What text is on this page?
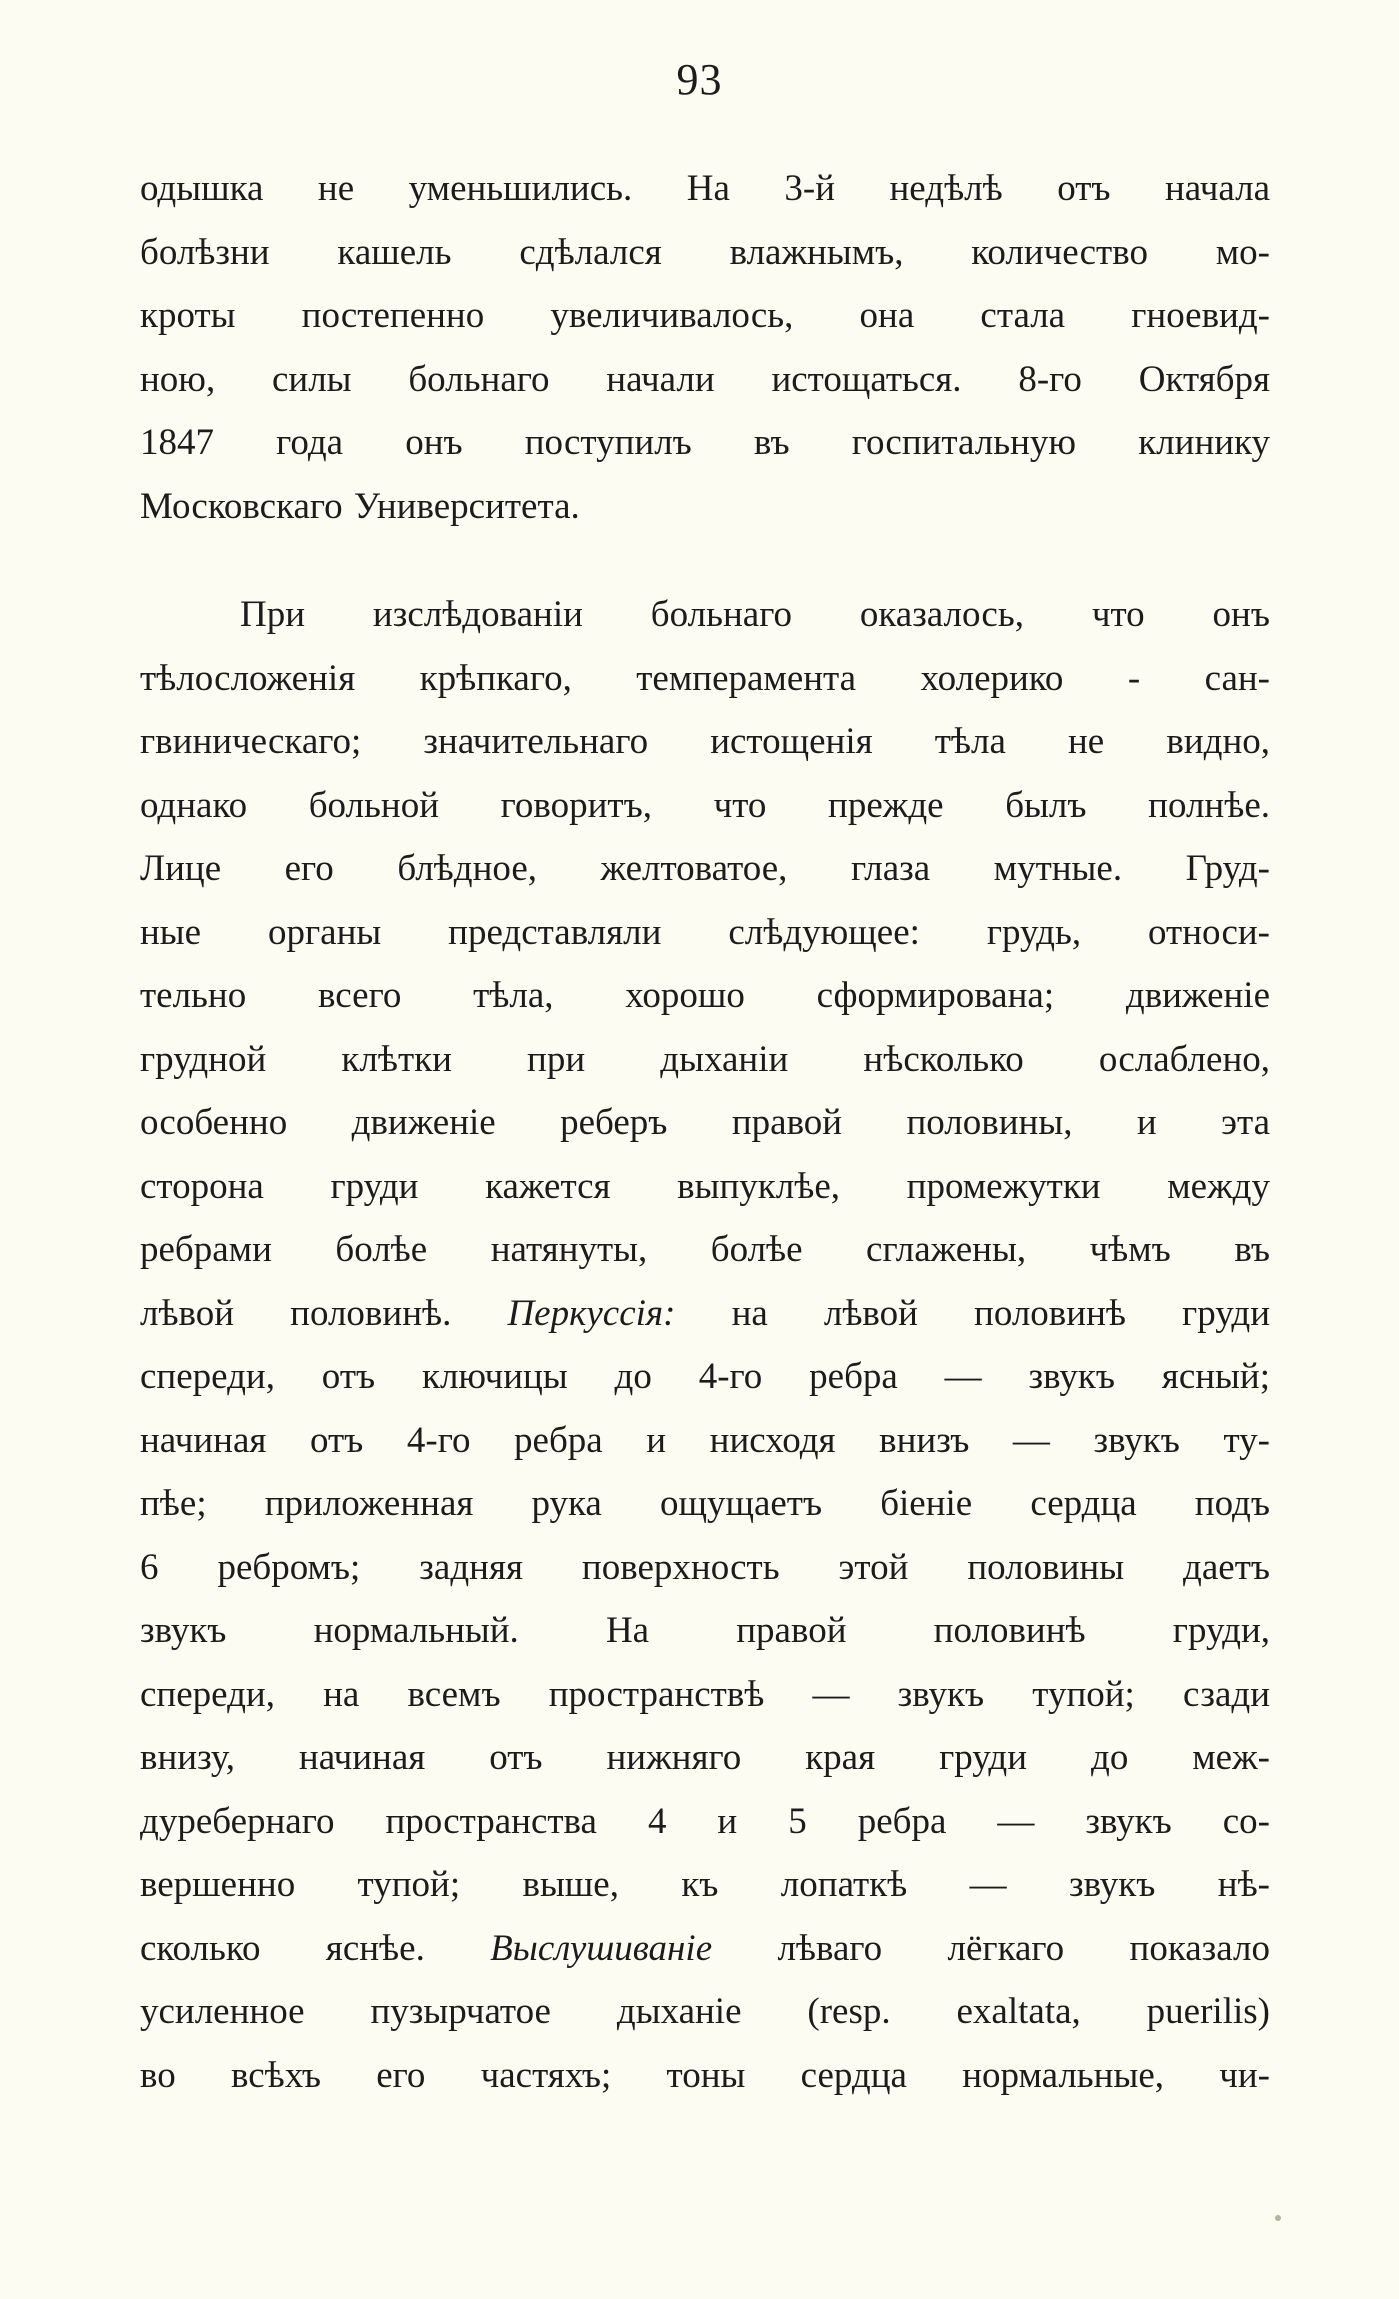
93
одышка не уменьшились. На 3-й недѣлѣ отъ начала
болѣзни кашель сдѣлался влажнымъ, количество мо-
кроты постепенно увеличивалось, она стала гноевид-
ною, силы больнаго начали истощаться. 8-го Октября
1847 года онъ поступилъ въ госпитальную клинику
Московскаго Университета.
При изслѣдованіи больнаго оказалось, что онъ
тѣлосложенія крѣпкаго, темперамента холерико - сан-
гвиническаго; значительнаго истощенія тѣла не видно,
однако больной говоритъ, что прежде былъ полнѣе.
Лице его блѣдное, желтоватое, глаза мутные. Груд-
ные органы представляли слѣдующее: грудь, относи-
тельно всего тѣла, хорошо сформирована; движеніе
грудной клѣтки при дыханіи нѣсколько ослаблено,
особенно движеніе реберъ правой половины, и эта
сторона груди кажется выпуклѣе, промежутки между
ребрами болѣе натянуты, болѣе сглажены, чѣмъ въ
лѣвой половинѣ. Перкуссія: на лѣвой половинѣ груди
спереди, отъ ключицы до 4-го ребра — звукъ ясный;
начиная отъ 4-го ребра и нисходя внизъ — звукъ ту-
пѣе; приложенная рука ощущаетъ біеніе сердца подъ
6 ребромъ; задняя поверхность этой половины даетъ
звукъ нормальный. На правой половинѣ груди,
спереди, на всемъ пространствѣ — звукъ тупой; сзади
внизу, начиная отъ нижняго края груди до меж-
дуребернаго пространства 4 и 5 ребра — звукъ со-
вершенно тупой; выше, къ лопаткѣ — звукъ нѣ-
сколько яснѣе. Выслушиваніе лѣваго лёгкаго показало
усиленное пузырчатое дыханіе (resp. exaltata, puerilis)
во всѣхъ его частяхъ; тоны сердца нормальные, чи-
